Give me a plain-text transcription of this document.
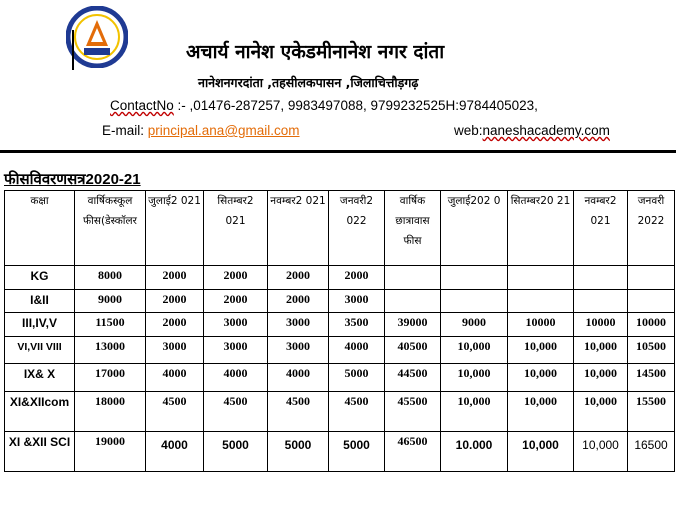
अचार्य नानेश एकेडमीनानेश नगर दांता
नानेशनगरदांता ,तहसीलकपासन ,जिलाचित्तौड़गढ़
ContactNo :- ,01476-287257, 9983497088, 9799232525H:9784405023,
E-mail: principal.ana@gmail.com	web:naneshacademy.com
फीसविवरणसत्र2020-21
कक्षा	वार्षिकस्कूल फीस(डेस्कॉलर	जुलाई2 021	सितम्बर2 021	नवम्बर2 021	जनवरी2 022	वार्षिक छात्रावास फीस	जुलाई202 0	सितम्बर20 21	नवम्बर2 021	जनवरी 2022
KG	8000	2000	2000	2000	2000					
I&II	9000	2000	2000	2000	3000					
III,IV,V	11500	2000	3000	3000	3500	39000	9000	10000	10000	10000
VI,VII VIII	13000	3000	3000	3000	4000	40500	10,000	10,000	10,000	10500
IX& X	17000	4000	4000	4000	5000	44500	10,000	10,000	10,000	14500
XI&XIIcom	18000	4500	4500	4500	4500	45500	10,000	10,000	10,000	15500
XI &XII SCI	19000	4000	5000	5000	5000	46500	10.000	10,000	10,000	16500
